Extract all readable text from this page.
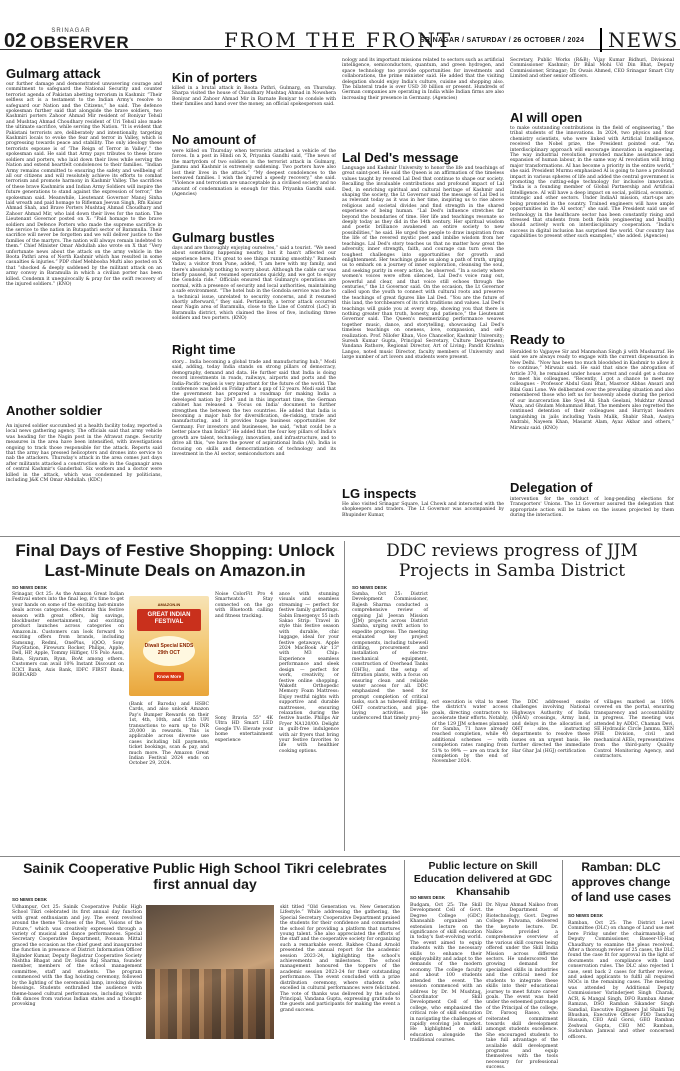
02	SRINAGAR
OBSERVER	FROM THE FRONT
SRINAGAR / SATURDAY / 26 OCTOBER / 2024	NEWS
Gulmarg attack
our further damage and demonstrated unwavering courage and commitment to safeguard the National Security and counter terrorist agenda of Pakistan abetting terrorism in Kashmir. “Their selfless act is a testament to the Indian Army's resolve to safeguard our Nation and the Citizens,” he said. The defence spokesman further said that alongside the brave soldiers, two Kashmiri porters Zahoor Ahmad Mir resident of Boniyar Tehsil and Mushtaq Ahmad Choudhary resident of Uri Tehsil also made the ultimate sacrifice, while serving the Nation. “It is evident that Pakistani terrorists are, deliberately and intentionally, targeting Kashmiri locals to evoke the fear and terror in Valley, which is progressing towards peace and stability. The only ideology these terrorists espouse is of ‘The Reign of Terror in Valley’,” the spokesman said. He said that Army pays tributes to these brave soldiers and porters, who laid down their lives while serving the Nation and extend heartfelt condolences to their families. “Indian Army remains committed to ensuring the safety and wellbeing of all our citizens and will resolutely achieve its efforts to combat terrorism and promote harmony in Kashmir Valley. The sacrifices of these brave Kashmiris and Indian Army Soldiers will inspire the future generations to stand against the expression of terror,” the spokesman said. Meanwhile, Lieutenant Governor Manoj Sinha laid wreath and paid homage to Rifleman Jeevan Singh, Rfn Kaisar Ahmad Shah, and Brave Porters Mushtaq Ahmad Choudhary and Zahoor Ahmad Mir, who laid down their lives for the nation. The Lieutenant Governor posted on X: “Paid homage to the brave soldiers and Defence Porters who made the supreme sacrifice in the service to the nation in Butapathri sector of Baramulla. Their sacrifice will never be forgotten and we will deliver justice to the families of the martyrs. The nation will always remain indebted to them.” Chief Minister Omar Abdullah also wrote on X that “Very unfortunate news about the attack on the army vehicle in the Boota Pathri area of North Kashmir which has resulted in some casualties & injuries.” PDP chief Mehbooba Mufti also posted on X that “shocked & deeply saddened by the militant attack on an army convoy in Baramulla in which a civilian porter has been killed. Condemn it unequivocally & pray for the swift recovery of the injured soldiers.” (KNO)
Another soldier
An injured soldier succumbed at a health facility today, reported a local news gathering agency. The officials said that army vehicle was heading for the Nagin post in the Afrawat range. Security measures in the area have been intensified, with investigations ongoing to track those responsible for the attack. Reports said that the army has pressed helicopters and drones into service to nab the attackers. Thursday's attack in the area comes just days after militants attacked a construction site in the Gaganagir area of central Kashmir's Ganderbal. Six workers and a doctor were killed in the attack, which was condemned by politicians, including J&K CM Omar Abdullah. (KDC)
Kin of porters
killed in a brutal attack in Boota Pathri, Gulmarg, on Thursday. Sharpa visited the house of Chaudhary Mushtaq Ahmad in Nowshera Boniyar and Zahoor Ahmad Mir in Barnate Boniyar to condole with their families and hand over the money, an official spokesperson said.
No amount of
were killed on Thursday when terrorists attacked a vehicle of the forces. In a post in Hindi on X, Priyanka Gandhi said, “The news of the martyrdom of two soldiers in the terrorist attack in Gulmarg, Jammu and Kashmir is extremely saddening. Two porters have also lost their lives in the attack.” “My deepest condolences to the bereaved families. I wish the injured a speedy recovery,” she said. “Violence and terrorism are unacceptable in a civilised society and no amount of condemnation is enough for this. Priyanka Gandhi said. (Agencies)
Gulmarg bustles
days and are thoroughly enjoying ourselves,” said a tourist. “We need about something happening nearby, but it hasn't affected our experience here. It's great to see things running smoothly.” Rumesh Yadav, a visitor from Pune, added, “I am here with my family, and there's absolutely nothing to worry about. Although the cable car was briefly paused, but resumed operations quickly, and we got to enjoy the Gondola ride.” Officials ensured that Gulmarg's operations are normal, with a presence of security and local authorities, maintaining a safe environment. “The hotel hub in the Gondola service was due to a technical issue, unrelated to security concerns, and it resumed shortly afterward,” they said. Pertinently, a terror attack occurred near Nagin area of Baramulla, close to the Line of Control (LoC) in Baramulla district, which claimed the lives of five, including three soldiers and two porters. (KNO)
Right time
story... India becoming a global trade and manufacturing hub,” Modi said, adding, today India stands on strong pillars of democracy, demography, demand and data. He further said that India is doing record investments in roads, railways, airports and ports and the India-Pacific region is very important for the future of the world. The conference was held on Friday after a gap of 12 years. Modi said that the government has prepared a roadmap for making India a developed nation by 2047 and in this important time, the German cabinet has released a ‘Focus on India’ document to further strengthen the between the two countries. He added that India is becoming a major hub for diversification, de-risking, trade and manufacturing, and it provides huge business opportunities for Germany. For investors and businesses, he said, “what could be a better place than India?” He added that the four key pillars of India's growth are talent, technology, innovation, and infrastructure, and to drive all this, “we have the power of aspirational India (AI). India is focusing on skills and democratization of technology and its investment in the AI sector, semiconductors and
nology and its important missions related to sectors such as artificial intelligence, semiconductors, quantum, and green hydrogen, and space technology too provide opportunities for investments and collaborations, the prime minister said. He added that the visiting delegation should enjoy India's culture, cuisine and shopping also. The bilateral trade is over USD 30 billion or present. Hundreds of German companies are operating in India while Indian firms are also increasing their presence in Germany. (Agencies)
Lal Ded's message
Language and Kashmir University to honor the life and teachings of great saint-poet. He said the Queen is an affirmation of the timeless values taught by revered Lal Ded that continue to shape our society. Recalling the invaluable contributions and profound impact of Lal Ded, in enriching spiritual and cultural heritage of Kashmir and shaping the society, the Lt Governor said the message of Lal Ded is as relevant today as it was in her time, inspiring us to rise above religious and societal divides and find strength in the shared experience of being human. “Lal Ded's influence stretches far beyond the boundaries of time. Her life and teachings resonate so deeply today as they did in the 14th century. Her spiritual wisdom and poetic brilliance awakened an entire society to new possibilities,” he said. He urged the people to draw inspiration from the life of the revered mystic poet and imbibe wisdom from her teachings. Lal Ded's story teaches us that no matter how great the adversity, inner strength, faith, and courage can turn even the toughest challenges into opportunities for growth and enlightenment. Her teachings guide us along a path of truth, urging us to embark on a journey of inner exploration, cleansing the soul, and seeking purity in every action, he observed. “In a society where women's voices were often silenced, Lal Ded's voice rang out, powerful and clear, and that voice still echoes through the centuries,” the Lt Governor said. On the occasion, the Lt Governor called upon the youth to connect with cultural roots and preserve the teachings of great figures like Lal Ded. “You are the future of this land, the torchbearers of its rich traditions and values. Lal Ded's teachings will guide you at every step, showing you that there is nothing greater than truth, honesty, and patience,” the Lieutenant Governor said. The Queen's mesmerizing performance weaves together music, dance, and storytelling, showcasing Lal Ded's timeless teachings on oneness, love, compassion, and self-realization. Prof. Nilofer Khan, Vice Chancellor, Kashmir University; Suresh Kumar Gupta, Principal Secretary, Culture Department; Vandana Rathore, Regional Director, Art of Living; Pandit Krishna Langoo, noted music Director, faculty members of University and large number of art lovers and students were present.
LG inspects
He also visited Srinagar Square, Lal Chowk and interacted with the shopkeepers and traders. The Lt Governor was accompanied by Bhupinder Kumar,
Secretary, Public Works (R&B); Vijay Kumar Bidhuri, Divisional Commissioner Kashmir; Dr Bilal Mohi Ud Din Bhat, Deputy Commissioner, Srinagar; Dr. Owais Ahmed, CEO Srinagar Smart City Limited and other senior officers.
AI will open
to make outstanding contributions in the field of engineering,” the tribal students of the innovations. In 2024, two physics and four chemistry scientists, who were linked with Artificial Intelligence, received the Nobel prize, the President pointed out. “An interdisciplinary approach will encourage innovation in engineering. The way industrial revolution provided machine assistance and expansion of human labour, in the same way AI revolution will bring major transformations. AI has become a priority in the entire world,” she said. President Murmu emphasized AI is going to have a profound impact in various spheres of life and added the central government is promoting the cutting-edge technology for inclusive innovation. “India is a founding member of Global Partnership and Artificial Intelligence. AI will have a deep impact on social, political, economic, strategic and other sectors. Under IndiaAI mission, start-ups are being promoted in the country. Trained engineers will have ample opportunities in the AI sector,” she said. The President said use of technology in the healthcare sector has been constantly rising and stressed that students from both fields (engineering and health) should actively work on interdisciplinary cooperation. “India's success in digital inclusion has surprised the world. Our country has capabilities to present other such examples,” she added. (Agencies)
Ready to
Heralded to Vajpayee Sir and Manmohan Singh ji with Musharraf. He said we are always ready to engage with the current dispensation in New Delhi. “Now has been too much bloodshed in Kashmir to allow it to continue,” Mirwaiz said. He said that since the abrogation of Article 370, he remained under house arrest and could get a chance to meet his colleagues. “Recently, I got a chance to meet my colleagues - Professor Abdul Gani Bhat, Masroor Abbas Ansari and Bilal Gani Lone. We deliberated over the prevailing situation and also remembered those who left us for heavenly abode during the period of our incarceration like Syed Ali Shah Geelani, Mukhtar Ahmad Waza, and Ghulam Mohammad Bhat. The members also regretted the continued detention of their colleagues and Hurriyat leaders languishing in jails including Yasin Malik, Shabir Shah, Aasiya Andrabi, Nayeem Khan, Masarat Alam, Ayaz Akbar and others,” Mirwaiz said. (KNO)
Delegation of
intervention for the conduct of long-pending elections for Transporters' Unions. The Lt Governor assured the delegation that appropriate action will be taken on the issues projected by them during the interaction.
Final Days of Festive Shopping: Unlock Last-Minute Deals on Amazon.in
SO NEWS DESK
Srinagar, Oct 25: As the Amazon Great Indian Festival enters into the final leg, it's time to get your hands on some of the exciting last-minute deals across categories. Celebrate this festive season with great offers, big savings, blockbuster entertainment, and exciting product launches across categories on Amazon.in. Customers can look forward to exciting offers from brands, including Samsung, Redmi, OnePlus, iQOO, Sony PlayStation, Firewurx Rocker, Philips, Apple, Dell, HP, Apple, Tommy Hilfiger, US Polo Assn, Bata, Siyaram, Ryan, BoAt among others. Customers can avail 10% Instant Discount on ICICI Bank, Axis Bank, IDFC FIRST Bank, BOBCARD
AMAZON.IN
GREAT INDIAN FESTIVAL
Diwali Special ENDS 29th OCT
Know More
(Bank of Baroda) and HSBC Cards, and also unlock Amazon Pay's Bumper Rewards on their 1st, 4th, 10th, and 15th UPI transactions to earn up to INR 20,000 in rewards. This is applicable across diverse use cases including bill payments, ticket bookings, scan & pay, and much more. The Amazon Great Indian Festival 2024 ends on October 29, 2024.
Noise ColorFit Pro 4 Smartwatch: Stay connected on the go with Bluetooth calling and fitness tracking.
Sony Bravia 55" 4K Ultra HD Smart LED Google TV: Elevate your home entertainment experience
ance with stunning visuals and seamless streaming — perfect for festive family gatherings. Sabin Emergenyc 55 inch Sakao Strip: Travel in style this festive season with durable, chic luggage, ideal for your festive getaways. Apple 2024 MacBook Air 13" with M3 Chip: Experience seamless performance and sleek design — perfect for work, creativity, or festive online shopping. Wakefit Orthopedic Memory Foam Mattress: Enjoy restful nights with supportive and durable mattresses, ensuring relaxation during the festive hustle. Philips Air Fryer NA120/00: Delight in guilt-free indulgence with air fryers that bring your festive favorites to life with healthier cooking options.
DDC reviews progress of JJM Projects in Samba District
SO NEWS DESK
Samba, Oct 25: District Development Commissioner, Rajesh Sharma conducted a comprehensive review of ongoing Jal Jeevan Mission (JJM) projects across District Samba, urging swift action to expedite progress. The meeting evaluated key project components, including tubewell drilling, procurement and installation of electro-mechanical equipment, construction of Overhead Tanks (OHTs), and the setup of filtration plants, with a focus on ensuring clean and reliable water access for all. DDC emphasized the need for prompt completion of critical tasks, such as tubewell drilling, OHT construction, and pipe-laying activities. He underscored that timely proj-
ect execution is vital to meet the district's water access goals, directing contractors to accelerate their efforts. Notably, of the 129 JJM schemes planned for Samba, 71 have already reached completion, while 40 additional schemes — with completion rates ranging from 51% to 99% — are on track for completion by the end of November 2024.
The DDC addressed onsite challenges involving National Highways Authority of India (NHAI) crossings, Army land, and delays in the allocation of OHT sites, instructing departments to resolve these issues on an urgent basis. He further directed the immediate Har Ghar Jal (HGJ) certification
of villages marked as 100% covered on the portal, ensuring transparency and accountability in progress. The meeting was attended by ADDC, Chaman Devi, SE Hydraulic Circle Jammu, XEN PHE Division, civil and mechanical AEEs, representatives from the third-party Quality Control Monitoring Agency, and contractors.
Sainik Cooperative Public High School Tikri celebrates first annual day
SO NEWS DESK
Udhampur, Oct 25: Sainik Cooperative Public High School Tikri celebrated its first annual day function with great enthusiasm and joy. The event revolved around the theme “Echoes of the Past, Visions of the Future,” which was creatively expressed through a variety of musical and dance performances. Special Secretary Cooperative Department, Poonam Mittal graced the occasion as the chief guest and inaugurated the function in presence of District Information Officer Rajinder Kumar, Deputy Registrar Cooperative Society Nishtha Bhagat and Dr. Hans Raj Sharma, founder member, members of the school management committee, staff and students. The program commenced with the flag hoisting ceremony, followed by the lighting of the ceremonial lamp, invoking divine blessings. Students enthralled the audience with theme-based cultural performances, including vibrant folk dances from various Indian states and a thought-provoking
skit titled “Old Generation vs. New Generation Lifestyle.” While addressing the gathering, the Special Secretary Cooperative Department praised the students for their confidence and commended the school for providing a platform that nurtures young talent. She also appreciated the efforts of the staff and the cooperative society for organizing such a remarkable event. Rakhee Chand Arnold presented the annual report for the academic session 2023-24, highlighting the school's achievements and milestones. The school management honoured the toppers of the academic session 2023-24 for their outstanding performance. The event concluded with a prize distribution ceremony, where students who excelled in cultural performances were felicitated. The vote of thanks was delivered by the school Principal, Vandana Gupta, expressing gratitude to the guests and participants for making the event a grand success.
Public lecture on Skill Education delivered at GDC Khansahib
SO NEWS DESK
Budgam, Oct 25: The Skill Development Cell of Govt. Degree College (GDC) Khansahib organized an extension lecture on the significance of skill education in today's fast-evolving world. The event aimed to equip students with the necessary skills to enhance their employability and adapt to the demands of the modern economy. The college faculty and about 100 students attended the event. The session commenced with an address by Dr. M Mushtaq, Coordinator Skill Development Cell of the college, who emphasized the critical role of skill education in navigating the challenges of rapidly evolving job market. He highlighted on skill education alongside the traditional courses.
Dr. Niyaz Ahmad Naikoo from the Department of Biotechnology, Govt. Degree College Pulwama, delivered the keynote lecture. Dr. Naikoo provided a comprehensive overview of the various skill courses being offered under the Skill India Mission across different sectors. He underscored the growing demand for specialized skills in industries and the critical need for students to integrate these skills into their educational journey to meet future career goals. The event was held under the esteemed patronage of the Principal of the college, Dr. Farooq Rasoo, who reiterated commitment towards skill development amongst students excellence. She encouraged students to take full advantage of the available skill development programs and equip themselves with the tools necessary for professional success.
Ramban: DLC approves change of land use cases
SO NEWS DESK
Ramban, Oct 25: The District Level Committee (DLC) on change of Land use met here Friday under the chairmanship of Deputy Commissioner, Baseer-Ul-Haq Chaudhary to examine the pleas received. After a thorough review of 25 cases, the DLC found the case fit for approval in the light of documents and compliance with land conservation rules. The DLC also rejected 1 case, sent back 2 cases for further review, and asked applicants to fulfil all required NOCs in the remaining cases. The meeting was attended by Additional Deputy Commissioner Varinderjeet Singh Charak, ACR, & Mangal Singh, DFO Ramban Ahmer Ramzan, DSO Ramban Sikander Singh Samdial, Executive Engineers Jal Shakti Tej Bhushan, Executive Officer PDD Tasaduq Hussain, CEO Anil Gorsi, GEO Ramban Zeshwal Gupta, CEO MC Ramban, Sudarshan Jamwal and other concerned officers.
